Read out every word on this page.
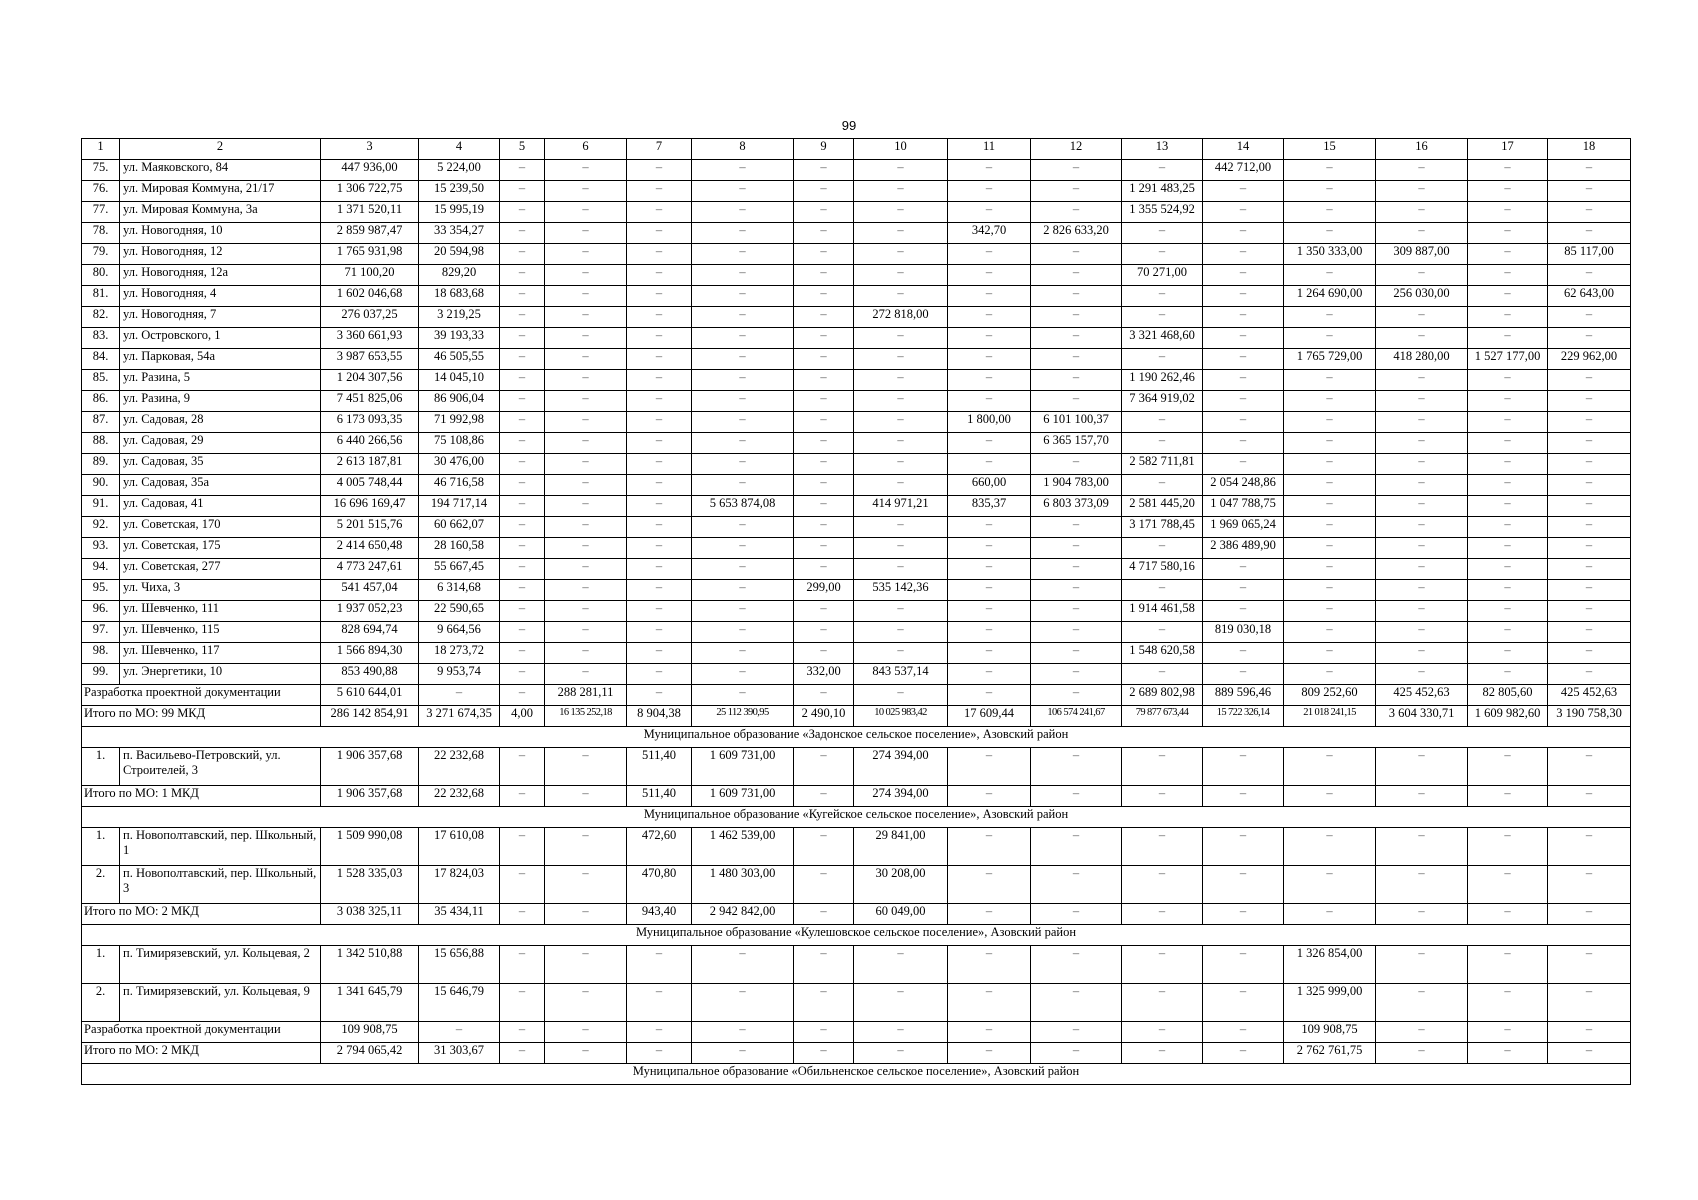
99
1	2	3	4	5	6	7	8	9	10	11	12	13	14	15	16	17	18
75.	ул. Маяковского, 84	447 936,00	5 224,00	–	–	–	–	–	–	–	–	–	442 712,00	–	–	–	–
76.	ул. Мировая Коммуна, 21/17	1 306 722,75	15 239,50	–	–	–	–	–	–	–	–	1 291 483,25	–	–	–	–	–
77.	ул. Мировая Коммуна, 3а	1 371 520,11	15 995,19	–	–	–	–	–	–	–	–	1 355 524,92	–	–	–	–	–
78.	ул. Новогодняя, 10	2 859 987,47	33 354,27	–	–	–	–	–	–	342,70	2 826 633,20	–	–	–	–	–	–
79.	ул. Новогодняя, 12	1 765 931,98	20 594,98	–	–	–	–	–	–	–	–	–	–	1 350 333,00	309 887,00	–	85 117,00
80.	ул. Новогодняя, 12а	71 100,20	829,20	–	–	–	–	–	–	–	–	70 271,00	–	–	–	–	–
81.	ул. Новогодняя, 4	1 602 046,68	18 683,68	–	–	–	–	–	–	–	–	–	–	1 264 690,00	256 030,00	–	62 643,00
82.	ул. Новогодняя, 7	276 037,25	3 219,25	–	–	–	–	–	272 818,00	–	–	–	–	–	–	–	–
83.	ул. Островского, 1	3 360 661,93	39 193,33	–	–	–	–	–	–	–	–	3 321 468,60	–	–	–	–	–
84.	ул. Парковая, 54а	3 987 653,55	46 505,55	–	–	–	–	–	–	–	–	–	–	1 765 729,00	418 280,00	1 527 177,00	229 962,00
85.	ул. Разина, 5	1 204 307,56	14 045,10	–	–	–	–	–	–	–	–	1 190 262,46	–	–	–	–	–
86.	ул. Разина, 9	7 451 825,06	86 906,04	–	–	–	–	–	–	–	–	7 364 919,02	–	–	–	–	–
87.	ул. Садовая, 28	6 173 093,35	71 992,98	–	–	–	–	–	–	1 800,00	6 101 100,37	–	–	–	–	–	–
88.	ул. Садовая, 29	6 440 266,56	75 108,86	–	–	–	–	–	–	–	6 365 157,70	–	–	–	–	–	–
89.	ул. Садовая, 35	2 613 187,81	30 476,00	–	–	–	–	–	–	–	–	2 582 711,81	–	–	–	–	–
90.	ул. Садовая, 35а	4 005 748,44	46 716,58	–	–	–	–	–	–	660,00	1 904 783,00	–	2 054 248,86	–	–	–	–
91.	ул. Садовая, 41	16 696 169,47	194 717,14	–	–	–	5 653 874,08	–	414 971,21	835,37	6 803 373,09	2 581 445,20	1 047 788,75	–	–	–	–
92.	ул. Советская, 170	5 201 515,76	60 662,07	–	–	–	–	–	–	–	–	3 171 788,45	1 969 065,24	–	–	–	–
93.	ул. Советская, 175	2 414 650,48	28 160,58	–	–	–	–	–	–	–	–	–	2 386 489,90	–	–	–	–
94.	ул. Советская, 277	4 773 247,61	55 667,45	–	–	–	–	–	–	–	–	4 717 580,16	–	–	–	–	–
95.	ул. Чиха, 3	541 457,04	6 314,68	–	–	–	–	299,00	535 142,36	–	–	–	–	–	–	–	–
96.	ул. Шевченко, 111	1 937 052,23	22 590,65	–	–	–	–	–	–	–	–	1 914 461,58	–	–	–	–	–
97.	ул. Шевченко, 115	828 694,74	9 664,56	–	–	–	–	–	–	–	–	–	819 030,18	–	–	–	–
98.	ул. Шевченко, 117	1 566 894,30	18 273,72	–	–	–	–	–	–	–	–	1 548 620,58	–	–	–	–	–
99.	ул. Энергетики, 10	853 490,88	9 953,74	–	–	–	–	332,00	843 537,14	–	–	–	–	–	–	–	–
Разработка проектной документации		5 610 644,01	–	–	288 281,11	–	–	–	–	–	–	2 689 802,98	889 596,46	809 252,60	425 452,63	82 805,60	425 452,63
Итого по МО: 99 МКД		286 142 854,91	3 271 674,35	4,00	16 135 252,18	8 904,38	25 112 390,95	2 490,10	10 025 983,42	17 609,44	106 574 241,67	79 877 673,44	15 722 326,14	21 018 241,15	3 604 330,71	1 609 982,60	3 190 758,30
Муниципальное образование «Задонское сельское поселение», Азовский район																	
1.	п. Васильево-Петровский, ул. Строителей, 3	1 906 357,68	22 232,68	–	–	511,40	1 609 731,00	–	274 394,00	–	–	–	–	–	–	–	–
Итого по МО: 1 МКД		1 906 357,68	22 232,68	–	–	511,40	1 609 731,00	–	274 394,00	–	–	–	–	–	–	–	–
Муниципальное образование «Кугейское сельское поселение», Азовский район																	
1.	п. Новополтавский, пер. Школьный, 1	1 509 990,08	17 610,08	–	–	472,60	1 462 539,00	–	29 841,00	–	–	–	–	–	–	–	–
2.	п. Новополтавский, пер. Школьный, 3	1 528 335,03	17 824,03	–	–	470,80	1 480 303,00	–	30 208,00	–	–	–	–	–	–	–	–
Итого по МО: 2 МКД		3 038 325,11	35 434,11	–	–	943,40	2 942 842,00	–	60 049,00	–	–	–	–	–	–	–	–
Муниципальное образование «Кулешовское сельское поселение», Азовский район																	
1.	п. Тимирязевский, ул. Кольцевая, 2	1 342 510,88	15 656,88	–	–	–	–	–	–	–	–	–	–	1 326 854,00	–	–	–
2.	п. Тимирязевский, ул. Кольцевая, 9	1 341 645,79	15 646,79	–	–	–	–	–	–	–	–	–	–	1 325 999,00	–	–	–
Разработка проектной документации		109 908,75	–	–	–	–	–	–	–	–	–	–	–	109 908,75	–	–	–
Итого по МО: 2 МКД		2 794 065,42	31 303,67	–	–	–	–	–	–	–	–	–	–	2 762 761,75	–	–	–
Муниципальное образование «Обильненское сельское поселение», Азовский район																	
